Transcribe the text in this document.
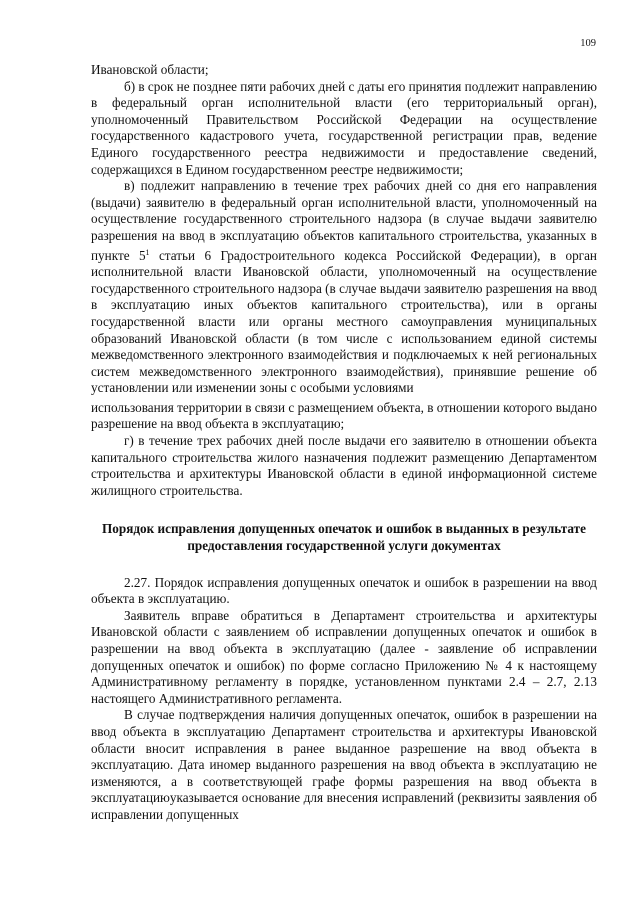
109

Ивановской области;

б) в срок не позднее пяти рабочих дней с даты его принятия подлежит направлению в федеральный орган исполнительной власти (его территориальный орган), уполномоченный Правительством Российской Федерации на осуществление государственного кадастрового учета, государственной регистрации прав, ведение Единого государственного реестра недвижимости и предоставление сведений, содержащихся в Едином государственном реестре недвижимости;

в) подлежит направлению в течение трех рабочих дней со дня его направления (выдачи) заявителю в федеральный орган исполнительной власти, уполномоченный на осуществление государственного строительного надзора (в случае выдачи заявителю разрешения на ввод в эксплуатацию объектов капитального строительства, указанных в пункте $5^1$ статьи 6 Градостроительного кодекса Российской Федерации), в орган исполнительной власти Ивановской области, уполномоченный на осуществление государственного строительного надзора (в случае выдачи заявителю разрешения на ввод в эксплуатацию иных объектов капитального строительства), или в органы государственной власти или органы местного самоуправления муниципальных образований Ивановской области (в том числе с использованием единой системы межведомственного электронного взаимодействия и подключаемых к ней региональных систем межведомственного электронного взаимодействия), принявшие решение об установлении или изменении зоны с особыми условиями

использования территории в связи с размещением объекта, в отношении которого выдано разрешение на ввод объекта в эксплуатацию;

г) в течение трех рабочих дней после выдачи его заявителю в отношении объекта капитального строительства жилого назначения подлежит размещению Департаментом строительства и архитектуры Ивановской области в единой информационной системе жилищного строительства.

Порядок исправления допущенных опечаток и ошибок в выданных в результате предоставления государственной услуги документах

2.27. Порядок исправления допущенных опечаток и ошибок в разрешении на ввод объекта в эксплуатацию.

Заявитель вправе обратиться в Департамент строительства и архитектуры Ивановской области с заявлением об исправлении допущенных опечаток и ошибок в разрешении на ввод объекта в эксплуатацию (далее - заявление об исправлении допущенных опечаток и ошибок) по форме согласно Приложению № 4 к настоящему Административному регламенту в порядке, установленном пунктами 2.4 – 2.7, 2.13 настоящего Административного регламента.

В случае подтверждения наличия допущенных опечаток, ошибок в разрешении на ввод объекта в эксплуатацию Департамент строительства и архитектуры Ивановской области вносит исправления в ранее выданное разрешение на ввод объекта в эксплуатацию. Дата иномер выданного разрешения на ввод объекта в эксплуатацию не изменяются, а в соответствующей графе формы разрешения на ввод объекта в эксплуатациюуказывается основание для внесения исправлений (реквизиты заявления об исправлении допущенных
